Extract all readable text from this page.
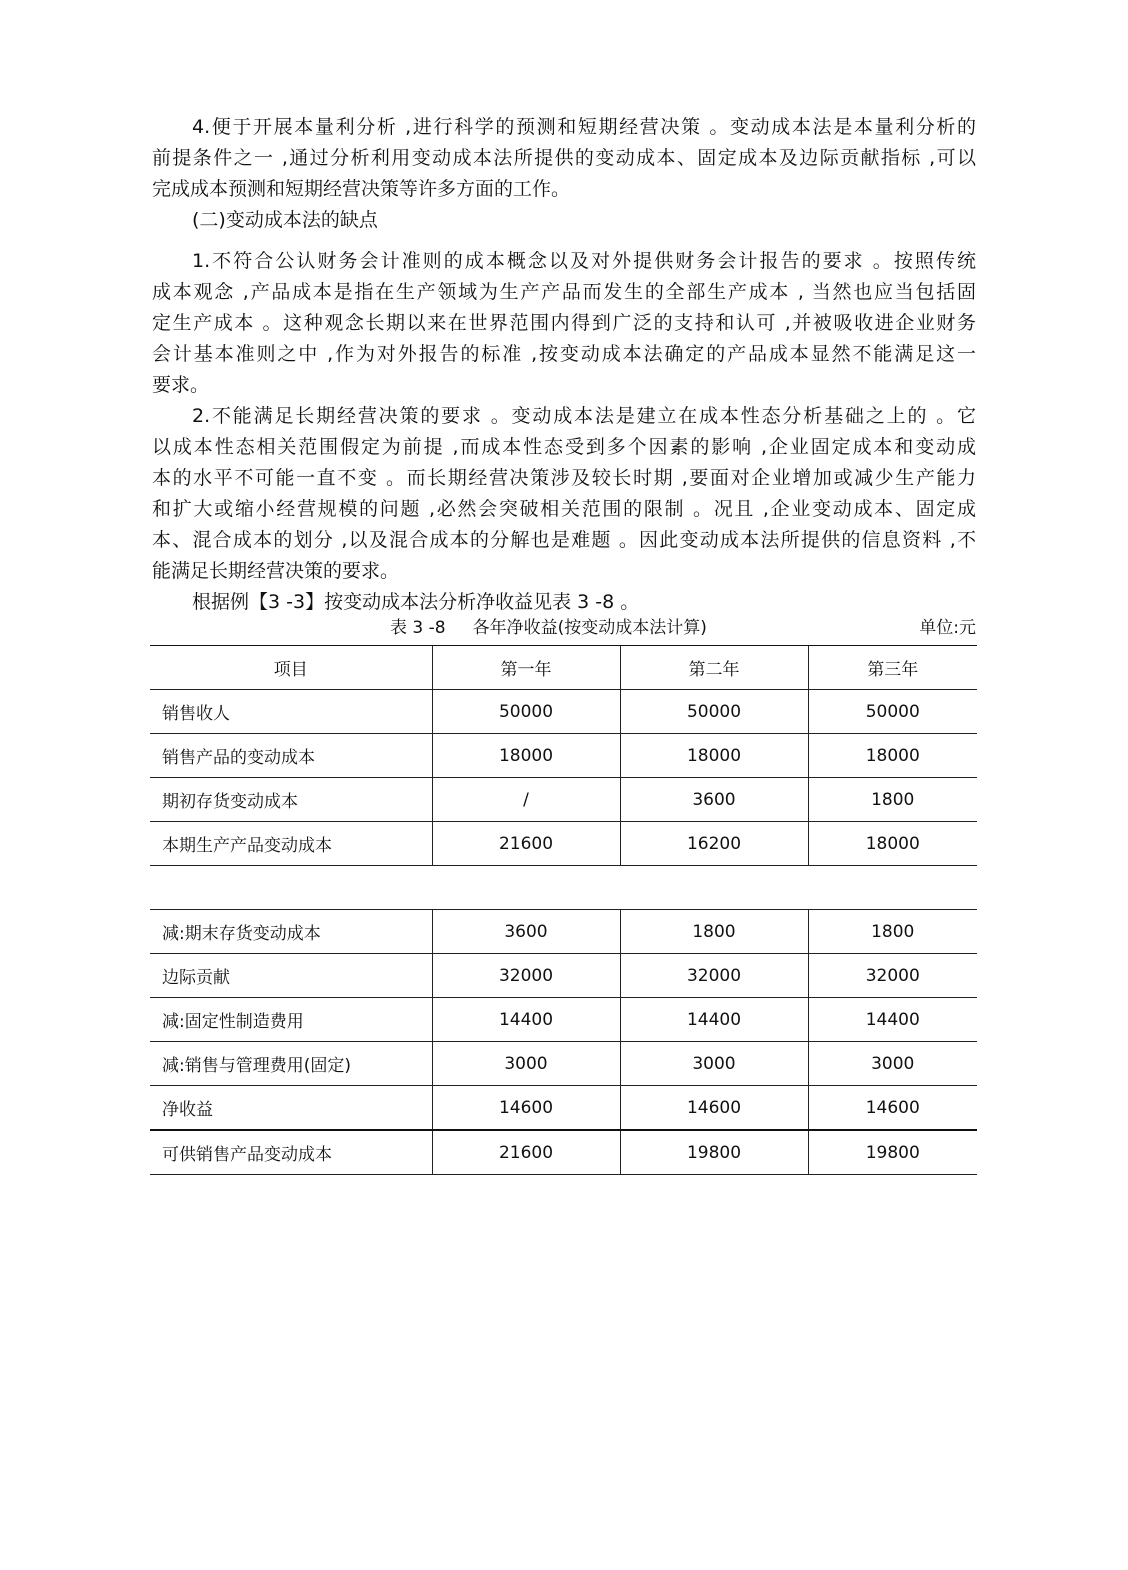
4.便于开展本量利分析 ,进行科学的预测和短期经营决策 。变动成本法是本量利分析的
前提条件之一 ,通过分析利用变动成本法所提供的变动成本、固定成本及边际贡献指标 ,可以
完成成本预测和短期经营决策等许多方面的工作。
(二)变动成本法的缺点
1.不符合公认财务会计准则的成本概念以及对外提供财务会计报告的要求 。按照传统
成本观念 ,产品成本是指在生产领域为生产产品而发生的全部生产成本 , 当然也应当包括固
定生产成本 。这种观念长期以来在世界范围内得到广泛的支持和认可 ,并被吸收进企业财务
会计基本准则之中 ,作为对外报告的标准 ,按变动成本法确定的产品成本显然不能满足这一
要求。
2.不能满足长期经营决策的要求 。变动成本法是建立在成本性态分析基础之上的 。它
以成本性态相关范围假定为前提 ,而成本性态受到多个因素的影响 ,企业固定成本和变动成
本的水平不可能一直不变 。而长期经营决策涉及较长时期 ,要面对企业增加或减少生产能力
和扩大或缩小经营规模的问题 ,必然会突破相关范围的限制 。况且 ,企业变动成本、固定成
本、混合成本的划分 ,以及混合成本的分解也是难题 。因此变动成本法所提供的信息资料 ,不
能满足长期经营决策的要求。
根据例【3 -3】按变动成本法分析净收益见表 3 -8 。
表 3 -8     各年净收益(按变动成本法计算)	单位:元
项目	第一年	第二年	第三年
销售收人	50000	50000	50000
销售产品的变动成本	18000	18000	18000
期初存货变动成本	/	3600	1800
本期生产产品变动成本	21600	16200	18000

减:期末存货变动成本	3600	1800	1800
边际贡献	32000	32000	32000
减:固定性制造费用	14400	14400	14400
减:销售与管理费用(固定)	3000	3000	3000
净收益	14600	14600	14600
可供销售产品变动成本	21600	19800	19800
